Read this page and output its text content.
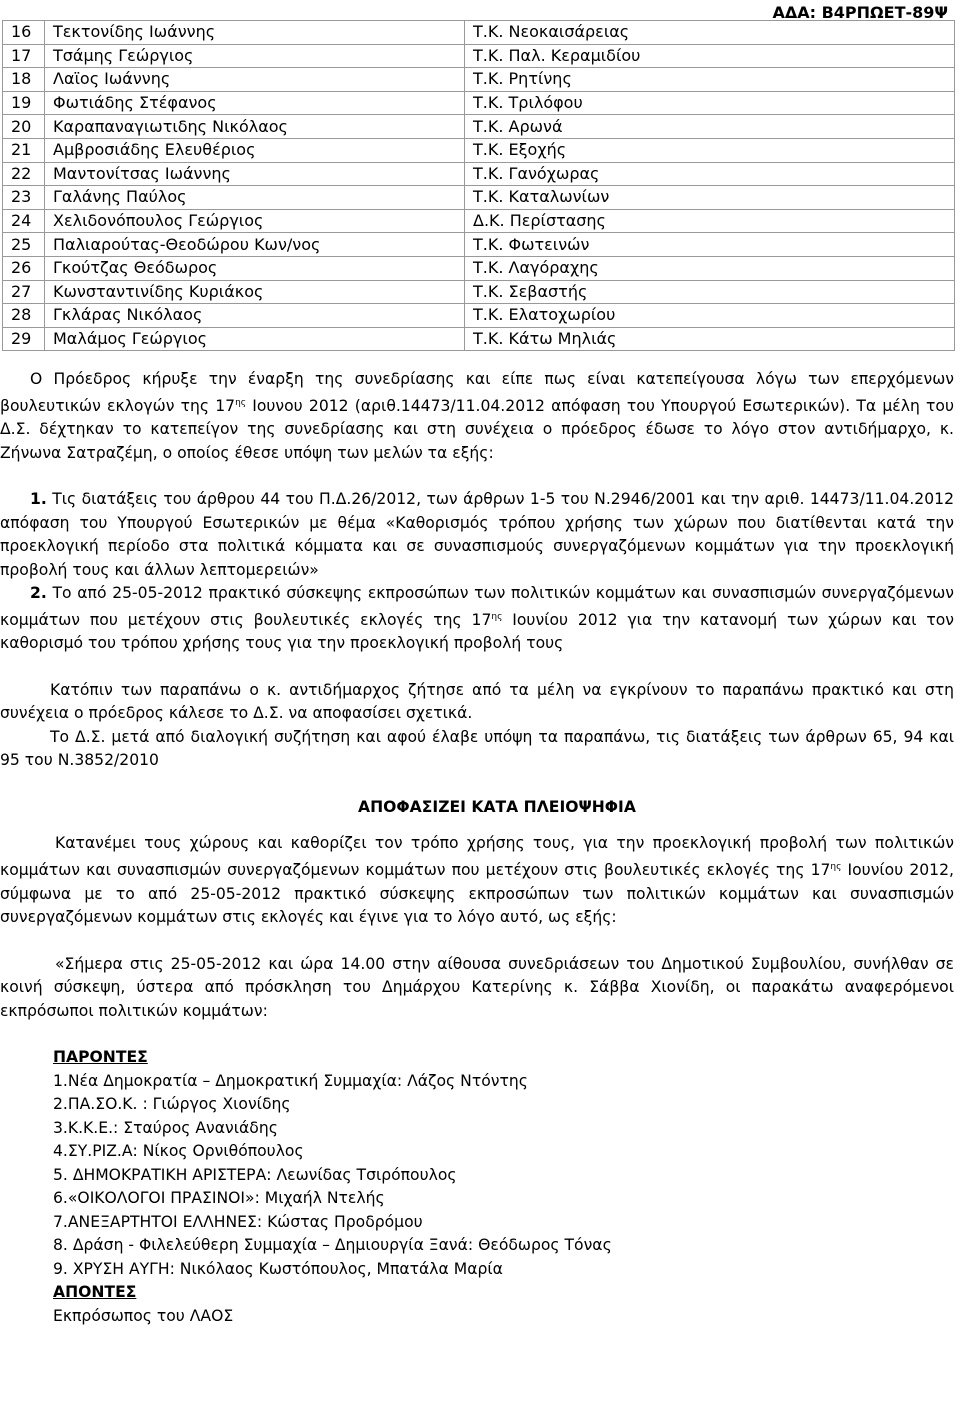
ΑΔΑ: Β4ΡΠΩΕΤ-89Ψ
16	Τεκτονίδης Ιωάννης	Τ.Κ. Νεοκαισάρειας
17	Τσάμης Γεώργιος	Τ.Κ. Παλ. Κεραμιδίου
18	Λαϊος Ιωάννης	Τ.Κ. Ρητίνης
19	Φωτιάδης Στέφανος	Τ.Κ. Τριλόφου
20	Καραπαναγιωτιδης Νικόλαος	Τ.Κ. Αρωνά
21	Αμβροσιάδης Ελευθέριος	Τ.Κ. Εξοχής
22	Μαντονίτσας Ιωάννης	Τ.Κ. Γανόχωρας
23	Γαλάνης Παύλος	Τ.Κ. Καταλωνίων
24	Χελιδονόπουλος Γεώργιος	Δ.Κ. Περίστασης
25	Παλιαρούτας-Θεοδώρου Κων/νος	Τ.Κ. Φωτεινών
26	Γκούτζας Θεόδωρος	Τ.Κ. Λαγόραχης
27	Κωνσταντινίδης Κυριάκος	Τ.Κ. Σεβαστής
28	Γκλάρας Νικόλαος	Τ.Κ. Ελατοχωρίου
29	Μαλάμος Γεώργιος	Τ.Κ. Κάτω Μηλιάς

Ο Πρόεδρος κήρυξε την έναρξη της συνεδρίασης και είπε πως είναι κατεπείγουσα λόγω των επερχόμενων βουλευτικών εκλογών της $17^{\eta\varsigma}$ Ιουνου 2012 (αριθ.14473/11.04.2012 απόφαση του Υπουργού Εσωτερικών). Τα μέλη του Δ.Σ. δέχτηκαν το κατεπείγον της συνεδρίασης και στη συνέχεια ο πρόεδρος έδωσε το λόγο στον αντιδήμαρχο, κ. Ζήνωνα Σατραζέμη, ο οποίος έθεσε υπόψη των μελών τα εξής:

1. Τις διατάξεις του άρθρου 44 του Π.Δ.26/2012, των άρθρων 1-5 του Ν.2946/2001 και την αριθ. 14473/11.04.2012 απόφαση του Υπουργού Εσωτερικών με θέμα «Καθορισμός τρόπου χρήσης των χώρων που διατίθενται κατά την προεκλογική περίοδο στα πολιτικά κόμματα και σε συνασπισμούς συνεργαζόμενων κομμάτων για την προεκλογική προβολή τους και άλλων λεπτομερειών»

2. Το από 25-05-2012 πρακτικό σύσκεψης εκπροσώπων των πολιτικών κομμάτων και συνασπισμών συνεργαζόμενων κομμάτων που μετέχουν στις βουλευτικές εκλογές της $17^{\eta\varsigma}$ Ιουνίου 2012 για την κατανομή των χώρων και τον καθορισμό του τρόπου χρήσης τους για την προεκλογική προβολή τους

Κατόπιν των παραπάνω ο κ. αντιδήμαρχος ζήτησε από τα μέλη να εγκρίνουν το παραπάνω πρακτικό και στη συνέχεια ο πρόεδρος κάλεσε το Δ.Σ. να αποφασίσει σχετικά.

Το Δ.Σ. μετά από διαλογική συζήτηση και αφού έλαβε υπόψη τα παραπάνω, τις διατάξεις των άρθρων 65, 94 και 95 του Ν.3852/2010

ΑΠΟΦΑΣΙΖΕΙ ΚΑΤΑ ΠΛΕΙΟΨΗΦΙΑ

Κατανέμει τους χώρους και καθορίζει τον τρόπο χρήσης τους, για την προεκλογική προβολή των πολιτικών κομμάτων και συνασπισμών συνεργαζόμενων κομμάτων που μετέχουν στις βουλευτικές εκλογές της $17^{\eta\varsigma}$ Ιουνίου 2012, σύμφωνα με το από 25-05-2012 πρακτικό σύσκεψης εκπροσώπων των πολιτικών κομμάτων και συνασπισμών συνεργαζόμενων κομμάτων στις εκλογές και έγινε για το λόγο αυτό, ως εξής:

«Σήμερα στις 25-05-2012 και ώρα 14.00 στην αίθουσα συνεδριάσεων του Δημοτικού Συμβουλίου, συνήλθαν σε κοινή σύσκεψη, ύστερα από πρόσκληση του Δημάρχου Κατερίνης κ. Σάββα Χιονίδη, οι παρακάτω αναφερόμενοι εκπρόσωποι πολιτικών κομμάτων:

ΠΑΡΟΝΤΕΣ
1.Νέα Δημοκρατία – Δημοκρατική Συμμαχία: Λάζος Ντόντης
2.ΠΑ.ΣΟ.Κ. : Γιώργος Χιονίδης
3.Κ.Κ.Ε.: Σταύρος Ανανιάδης
4.ΣΥ.ΡΙΖ.Α: Νίκος Ορνιθόπουλος
5. ΔΗΜΟΚΡΑΤΙΚΗ ΑΡΙΣΤΕΡΑ: Λεωνίδας Τσιρόπουλος
6.«ΟΙΚΟΛΟΓΟΙ ΠΡΑΣΙΝΟΙ»: Μιχαήλ Ντελής
7.ΑΝΕΞΑΡΤΗΤΟΙ ΕΛΛΗΝΕΣ: Κώστας Προδρόμου
8. Δράση - Φιλελεύθερη Συμμαχία – Δημιουργία Ξανά: Θεόδωρος Τόνας
9. ΧΡΥΣΗ ΑΥΓΗ: Νικόλαος Κωστόπουλος, Μπατάλα Μαρία
ΑΠΟΝΤΕΣ
Εκπρόσωπος του ΛΑΟΣ
